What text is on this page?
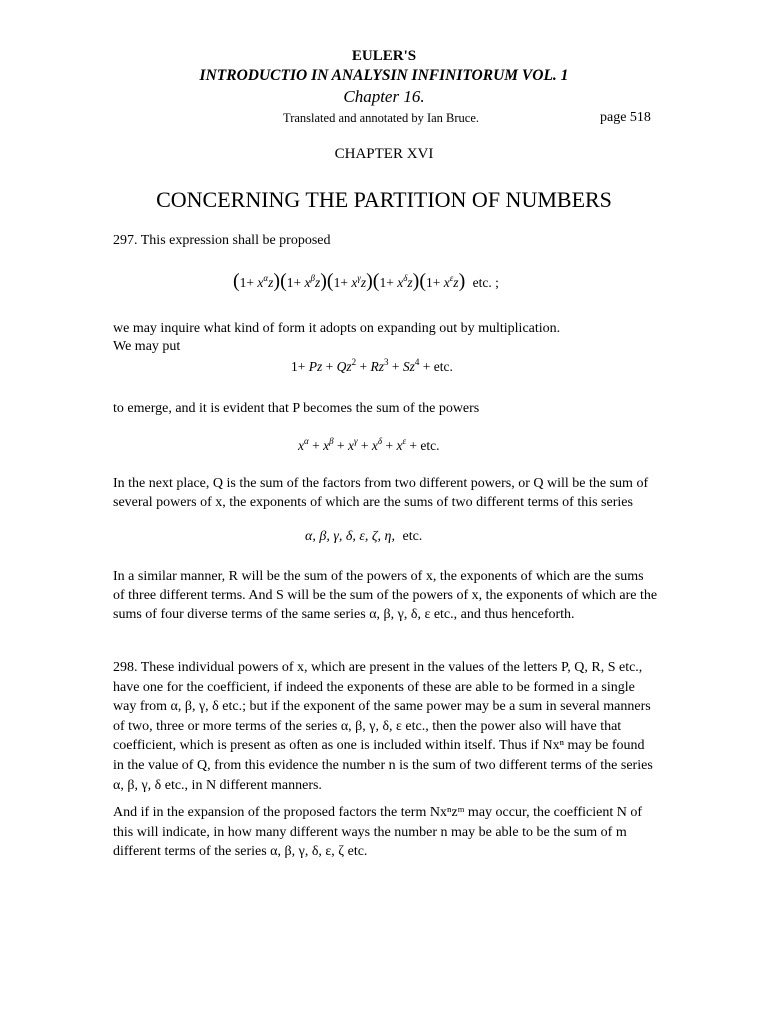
EULER'S
INTRODUCTIO IN ANALYSIN INFINITORUM VOL. 1
Chapter 16.
Translated and annotated by Ian Bruce.	page 518
CHAPTER XVI
CONCERNING THE PARTITION OF NUMBERS
297. This expression shall be proposed
$(1+ x^\alpha z)(1+ x^\beta z)(1+ x^\gamma z)(1+ x^\delta z)(1+ x^\varepsilon z)$ etc. ;
we may inquire what kind of form it adopts on expanding out by multiplication.
We may put
$1+ Pz + Qz^2 + Rz^3 + Sz^4$ + etc.
to emerge, and it is evident that P becomes the sum of the powers
$x^\alpha + x^\beta + x^\gamma + x^\delta + x^\varepsilon$ + etc.
In the next place, Q is the sum of the factors from two different powers, or Q will be the sum of several powers of x, the exponents of which are the sums of two different terms of this series
α, β, γ, δ, ε, ζ, η, etc.
In a similar manner, R will be the sum of the powers of x, the exponents of which are the sums of three different terms. And S will be the sum of the powers of x, the exponents of which are the sums of four diverse terms of the same series α, β, γ, δ, ε etc., and thus henceforth.
298. These individual powers of x, which are present in the values of the letters P, Q, R, S etc., have one for the coefficient, if indeed the exponents of these are able to be formed in a single way from α, β, γ, δ etc.; but if the exponent of the same power may be a sum in several manners of two, three or more terms of the series α, β, γ, δ, ε etc., then the power also will have that coefficient, which is present as often as one is included within itself. Thus if Nxⁿ may be found in the value of Q, from this evidence the number n is the sum of two different terms of the series α, β, γ, δ etc., in N different manners.
And if in the expansion of the proposed factors the term Nxⁿzᵐ may occur, the coefficient N of this will indicate, in how many different ways the number n may be able to be the sum of m different terms of the series α, β, γ, δ, ε, ζ etc.
